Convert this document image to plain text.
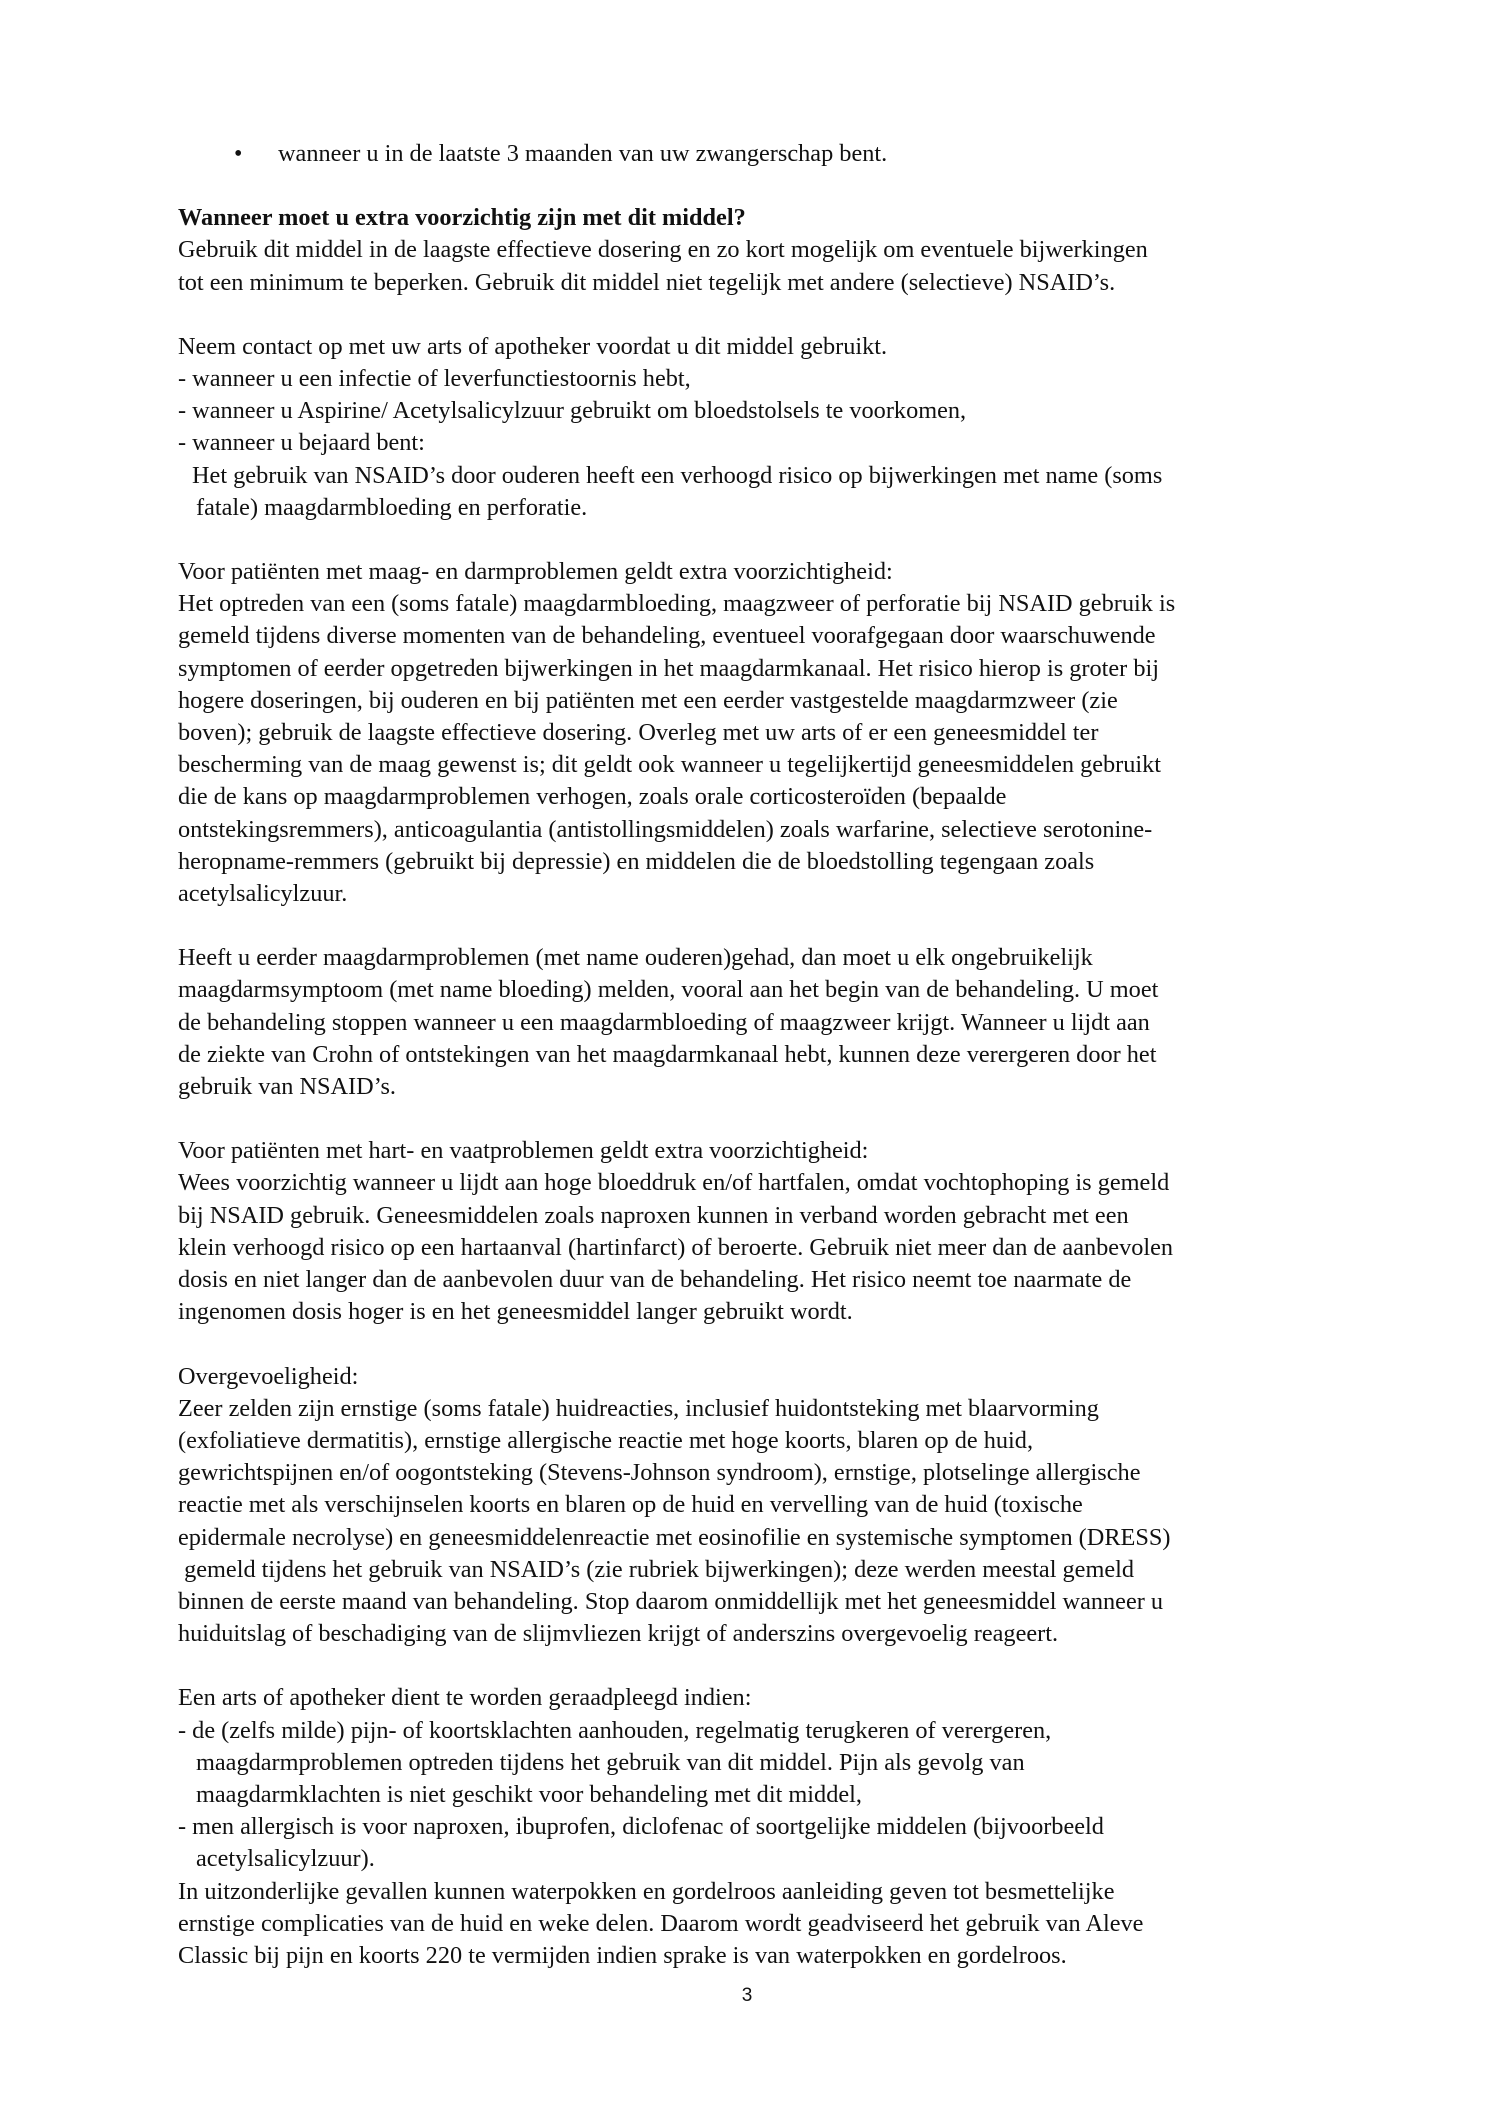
• wanneer u in de laatste 3 maanden van uw zwangerschap bent.
Wanneer moet u extra voorzichtig zijn met dit middel?
Gebruik dit middel in de laagste effectieve dosering en zo kort mogelijk om eventuele bijwerkingen
tot een minimum te beperken. Gebruik dit middel niet tegelijk met andere (selectieve) NSAID’s.
Neem contact op met uw arts of apotheker voordat u dit middel gebruikt.
- wanneer u een infectie of leverfunctiestoornis hebt,
- wanneer u Aspirine/ Acetylsalicylzuur gebruikt om bloedstolsels te voorkomen,
- wanneer u bejaard bent:
Het gebruik van NSAID’s door ouderen heeft een verhoogd risico op bijwerkingen met name (soms
fatale) maagdarmbloeding en perforatie.
Voor patiënten met maag- en darmproblemen geldt extra voorzichtigheid:
Het optreden van een (soms fatale) maagdarmbloeding, maagzweer of perforatie bij NSAID gebruik is
gemeld tijdens diverse momenten van de behandeling, eventueel voorafgegaan door waarschuwende
symptomen of eerder opgetreden bijwerkingen in het maagdarmkanaal. Het risico hierop is groter bij
hogere doseringen, bij ouderen en bij patiënten met een eerder vastgestelde maagdarmzweer (zie
boven); gebruik de laagste effectieve dosering. Overleg met uw arts of er een geneesmiddel ter
bescherming van de maag gewenst is; dit geldt ook wanneer u tegelijkertijd geneesmiddelen gebruikt
die de kans op maagdarmproblemen verhogen, zoals orale corticosteroïden (bepaalde
ontstekingsremmers), anticoagulantia (antistollingsmiddelen) zoals warfarine, selectieve serotonine-
heropname-remmers (gebruikt bij depressie) en middelen die de bloedstolling tegengaan zoals
acetylsalicylzuur.
Heeft u eerder maagdarmproblemen (met name ouderen)gehad, dan moet u elk ongebruikelijk
maagdarmsymptoom (met name bloeding) melden, vooral aan het begin van de behandeling. U moet
de behandeling stoppen wanneer u een maagdarmbloeding of maagzweer krijgt. Wanneer u lijdt aan
de ziekte van Crohn of ontstekingen van het maagdarmkanaal hebt, kunnen deze verergeren door het
gebruik van NSAID’s.
Voor patiënten met hart- en vaatproblemen geldt extra voorzichtigheid:
Wees voorzichtig wanneer u lijdt aan hoge bloeddruk en/of hartfalen, omdat vochtophoping is gemeld
bij NSAID gebruik. Geneesmiddelen zoals naproxen kunnen in verband worden gebracht met een
klein verhoogd risico op een hartaanval (hartinfarct) of beroerte. Gebruik niet meer dan de aanbevolen
dosis en niet langer dan de aanbevolen duur van de behandeling. Het risico neemt toe naarmate de
ingenomen dosis hoger is en het geneesmiddel langer gebruikt wordt.
Overgevoeligheid:
Zeer zelden zijn ernstige (soms fatale) huidreacties, inclusief huidontsteking met blaarvorming
(exfoliatieve dermatitis), ernstige allergische reactie met hoge koorts, blaren op de huid,
gewrichtspijnen en/of oogontsteking (Stevens-Johnson syndroom), ernstige, plotselinge allergische
reactie met als verschijnselen koorts en blaren op de huid en vervelling van de huid (toxische
epidermale necrolyse) en geneesmiddelenreactie met eosinofilie en systemische symptomen (DRESS)
gemeld tijdens het gebruik van NSAID’s (zie rubriek bijwerkingen); deze werden meestal gemeld
binnen de eerste maand van behandeling. Stop daarom onmiddellijk met het geneesmiddel wanneer u
huiduitslag of beschadiging van de slijmvliezen krijgt of anderszins overgevoelig reageert.
Een arts of apotheker dient te worden geraadpleegd indien:
- de (zelfs milde) pijn- of koortsklachten aanhouden, regelmatig terugkeren of verergeren,
maagdarmproblemen optreden tijdens het gebruik van dit middel. Pijn als gevolg van
maagdarmklachten is niet geschikt voor behandeling met dit middel,
- men allergisch is voor naproxen, ibuprofen, diclofenac of soortgelijke middelen (bijvoorbeeld
acetylsalicylzuur).
In uitzonderlijke gevallen kunnen waterpokken en gordelroos aanleiding geven tot besmettelijke
ernstige complicaties van de huid en weke delen. Daarom wordt geadviseerd het gebruik van Aleve
Classic bij pijn en koorts 220 te vermijden indien sprake is van waterpokken en gordelroos.
3
